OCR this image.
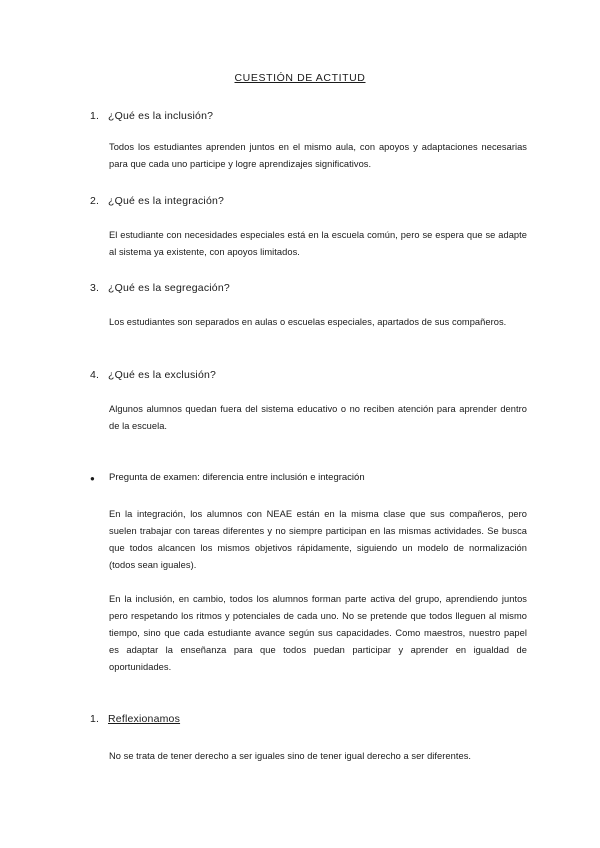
CUESTIÓN DE ACTITUD
1. ¿Qué es la inclusión?
Todos los estudiantes aprenden juntos en el mismo aula, con apoyos y adaptaciones necesarias para que cada uno participe y logre aprendizajes significativos.
2. ¿Qué es la integración?
El estudiante con necesidades especiales está en la escuela común, pero se espera que se adapte al sistema ya existente, con apoyos limitados.
3. ¿Qué es la segregación?
Los estudiantes son separados en aulas o escuelas especiales, apartados de sus compañeros.
4. ¿Qué es la exclusión?
Algunos alumnos quedan fuera del sistema educativo o no reciben atención para aprender dentro de la escuela.
●	Pregunta de examen: diferencia entre inclusión e integración
En la integración, los alumnos con NEAE están en la misma clase que sus compañeros, pero suelen trabajar con tareas diferentes y no siempre participan en las mismas actividades. Se busca que todos alcancen los mismos objetivos rápidamente, siguiendo un modelo de normalización (todos sean iguales).
En la inclusión, en cambio, todos los alumnos forman parte activa del grupo, aprendiendo juntos pero respetando los ritmos y potenciales de cada uno. No se pretende que todos lleguen al mismo tiempo, sino que cada estudiante avance según sus capacidades. Como maestros, nuestro papel es adaptar la enseñanza para que todos puedan participar y aprender en igualdad de oportunidades.
1. Reflexionamos
No se trata de tener derecho a ser iguales sino de tener igual derecho a ser diferentes.
